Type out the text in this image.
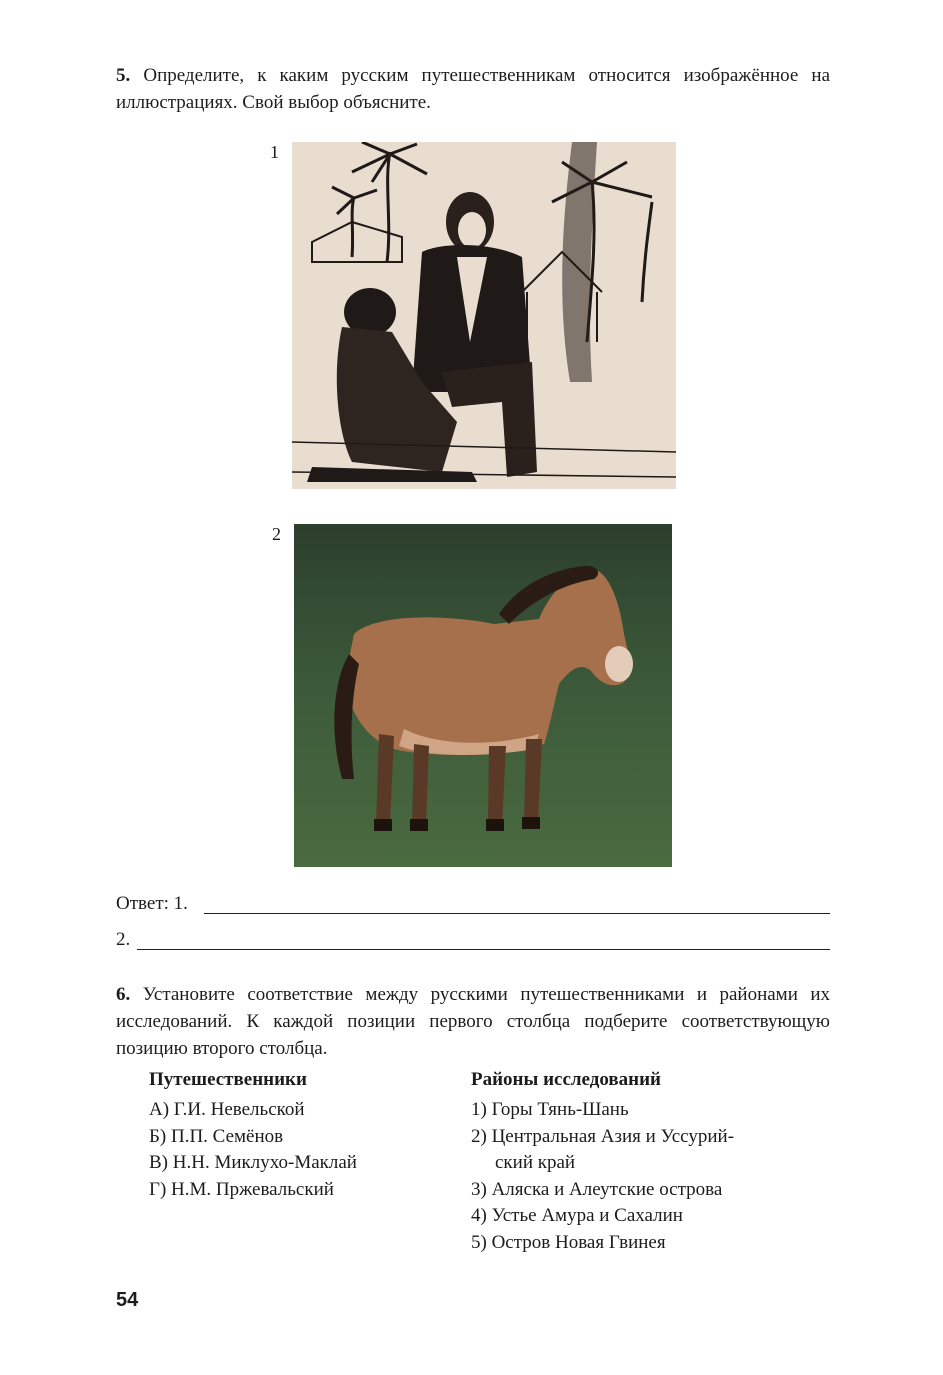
5. Определите, к каким русским путешественникам относится изображённое на иллюстрациях. Свой выбор объясните.
1
2
Ответ: 1.
2.
6. Установите соответствие между русскими путешественниками и районами их исследований. К каждой позиции первого столбца подберите соответствующую позицию второго столбца.
Путешественники
А) Г.И. Невельской
Б) П.П. Семёнов
В) Н.Н. Миклухо-Маклай
Г) Н.М. Пржевальский
Районы исследований
1) Горы Тянь-Шань
2) Центральная Азия и Уссурий-
ский край
3) Аляска и Алеутские острова
4) Устье Амура и Сахалин
5) Остров Новая Гвинея
54
